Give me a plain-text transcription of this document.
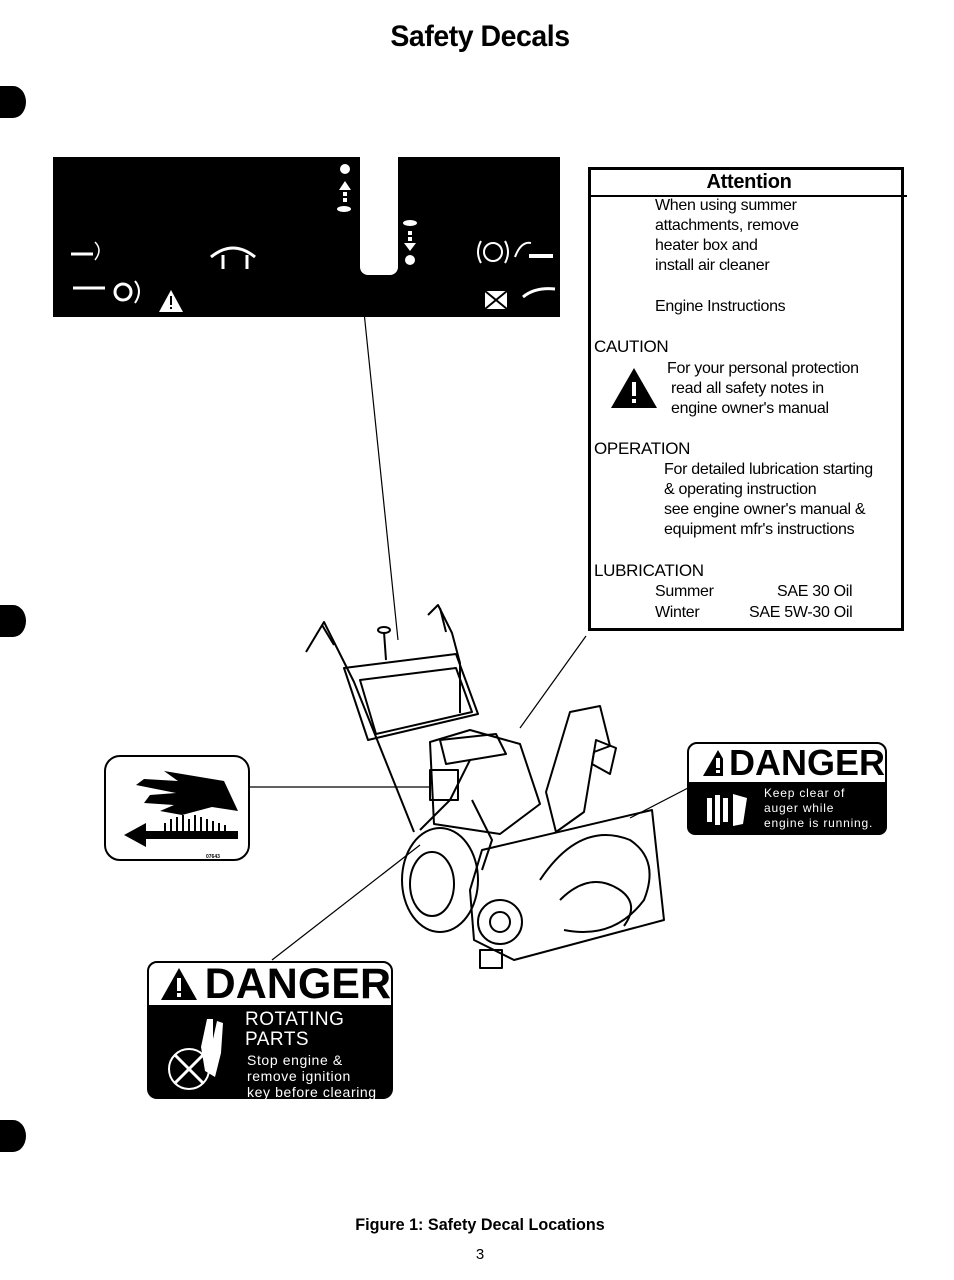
Safety Decals
Attention
When using summer
attachments, remove
heater box and
install air cleaner
Engine Instructions
CAUTION
For your personal protection
read all safety notes in
engine owner's manual
OPERATION
For detailed lubrication starting
& operating instruction
see engine owner's manual &
equipment mfr's instructions
LUBRICATION
Summer	SAE 30 Oil
Winter	SAE 5W-30 Oil
07643
DANGER
Keep clear of
auger while
engine is running.
DANGER
ROTATING
PARTS
Stop engine &
remove ignition
key before clearing
Figure 1: Safety Decal Locations
3
